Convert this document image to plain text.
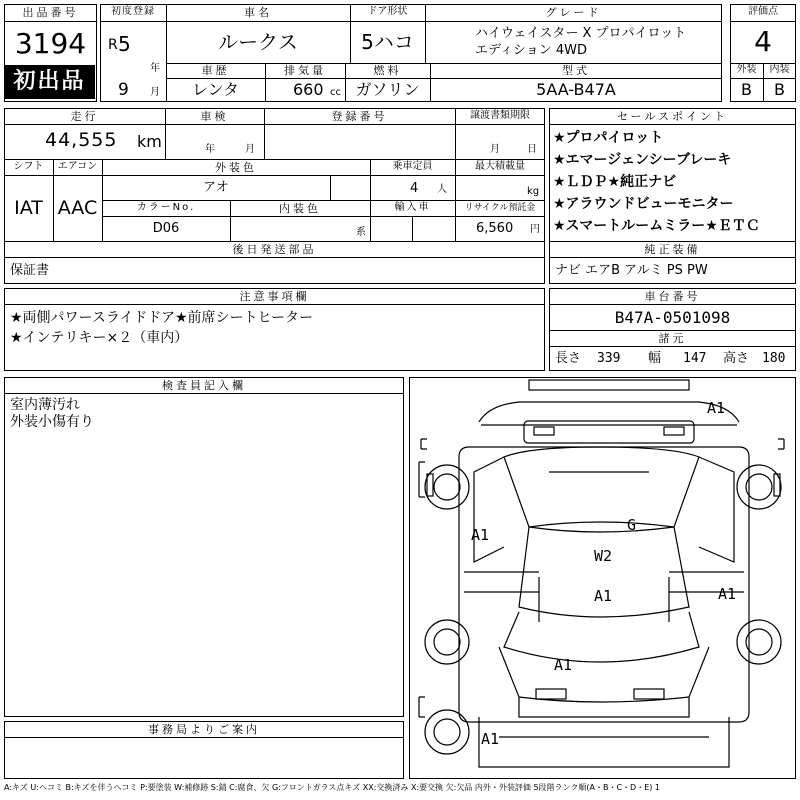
出品番号
3194
初出品
初度登録
R 5
年
9 月
車名
ルークス
ドア形状
5ハコ
グレード
ハイウェイスター X プロパイロット
エディション 4WD
車歴
レンタ
排気量
660 cc
燃料
ガソリン
型式
5AA-B47A
評価点
4
外装	内装
B	B
走行
44,555 km
車検
年	月
登録番号	譲渡書類期限
月	日
シフト	エアコン
IAT AAC
外装色
アオ
乗車定員
4 人
最大積載量
kg
カラーNo.
D06
内装色
系
輸入車	リサイクル預託金
6,560 円
後日発送部品
保証書
セールスポイント
★プロパイロット
★エマージェンシーブレーキ
★ＬＤＰ★純正ナビ
★アラウンドビューモニター
★スマートルームミラー★ＥＴＣ
純正装備
ナビ エアB アルミ PS PW
注意事項欄
★両側パワースライドドア★前席シートヒーター
★インテリキー×２（車内）
車台番号
B47A-0501098
諸元
長さ 339 幅 147 高さ 180
検査員記入欄
室内薄汚れ
外装小傷有り
事務局よりご案内
A1
A1
G
W2
A1	A1
A1
A1
A:キズ U:ヘコミ B:キズを伴うヘコミ P:要塗装 W:補修跡 S:錆 C:腐食、欠 G:フロントガラス点キズ XX:交換済み X:要交換 欠:欠品 内外・外装評価 5段階ランク順(A・B・C・D・E) 1
